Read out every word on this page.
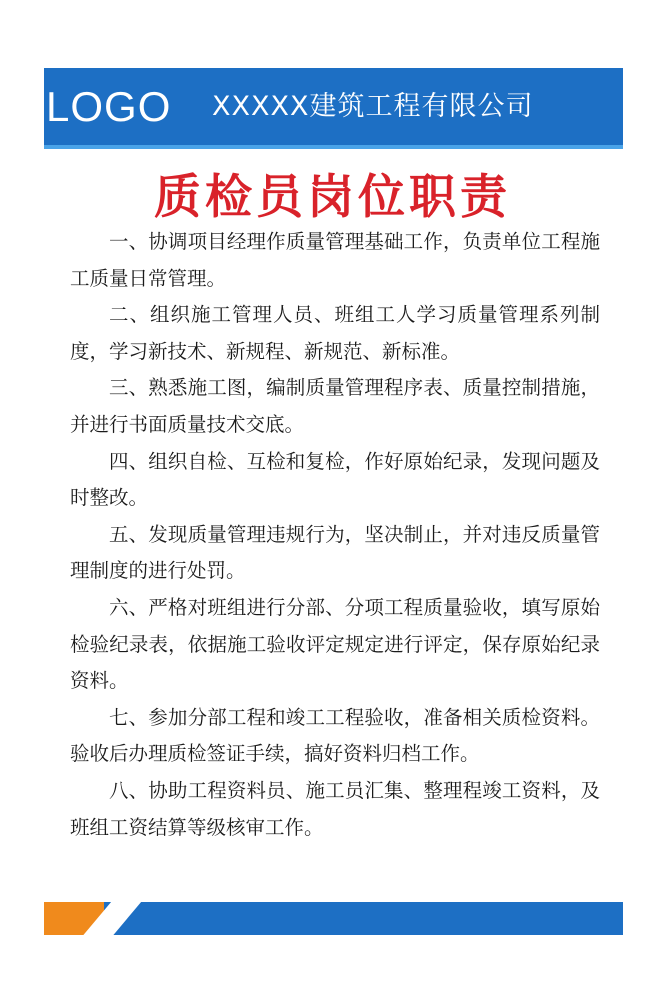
LOGO XXXXX建筑工程有限公司
质检员岗位职责
一、协调项目经理作质量管理基础工作，负责单位工程施工质量日常管理。
二、组织施工管理人员、班组工人学习质量管理系列制度，学习新技术、新规程、新规范、新标准。
三、熟悉施工图，编制质量管理程序表、质量控制措施，并进行书面质量技术交底。
四、组织自检、互检和复检，作好原始纪录，发现问题及时整改。
五、发现质量管理违规行为，坚决制止，并对违反质量管理制度的进行处罚。
六、严格对班组进行分部、分项工程质量验收，填写原始检验纪录表，依据施工验收评定规定进行评定，保存原始纪录资料。
七、参加分部工程和竣工工程验收，准备相关质检资料。验收后办理质检签证手续，搞好资料归档工作。
八、协助工程资料员、施工员汇集、整理程竣工资料，及班组工资结算等级核审工作。
